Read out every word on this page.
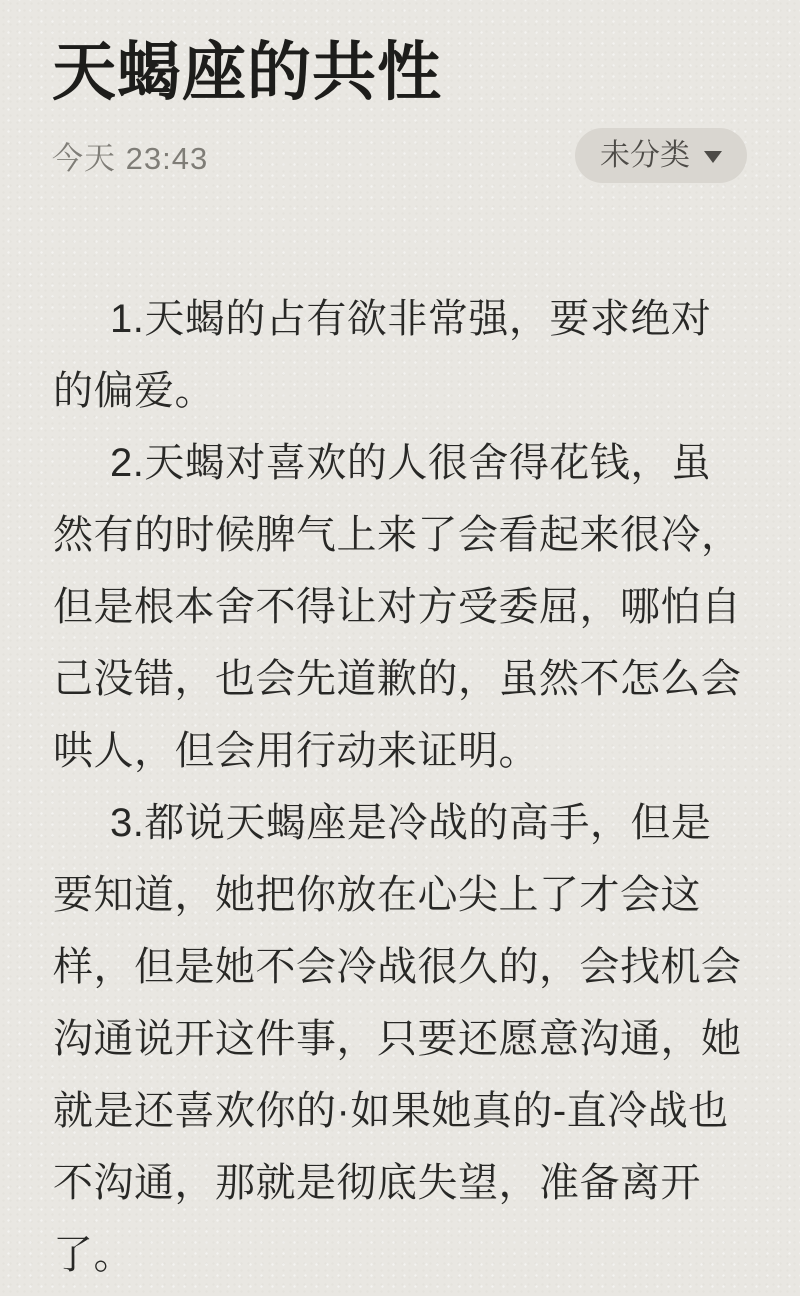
天蝎座的共性
今天 23:43	未分类
1.天蝎的占有欲非常强，要求绝对
的偏爱。
2.天蝎对喜欢的人很舍得花钱，虽
然有的时候脾气上来了会看起来很冷，
但是根本舍不得让对方受委屈，哪怕自
己没错，也会先道歉的，虽然不怎么会
哄人，但会用行动来证明。
3.都说天蝎座是冷战的高手，但是
要知道，她把你放在心尖上了才会这
样，但是她不会冷战很久的，会找机会
沟通说开这件事，只要还愿意沟通，她
就是还喜欢你的·如果她真的-直冷战也
不沟通，那就是彻底失望，准备离开
了。
